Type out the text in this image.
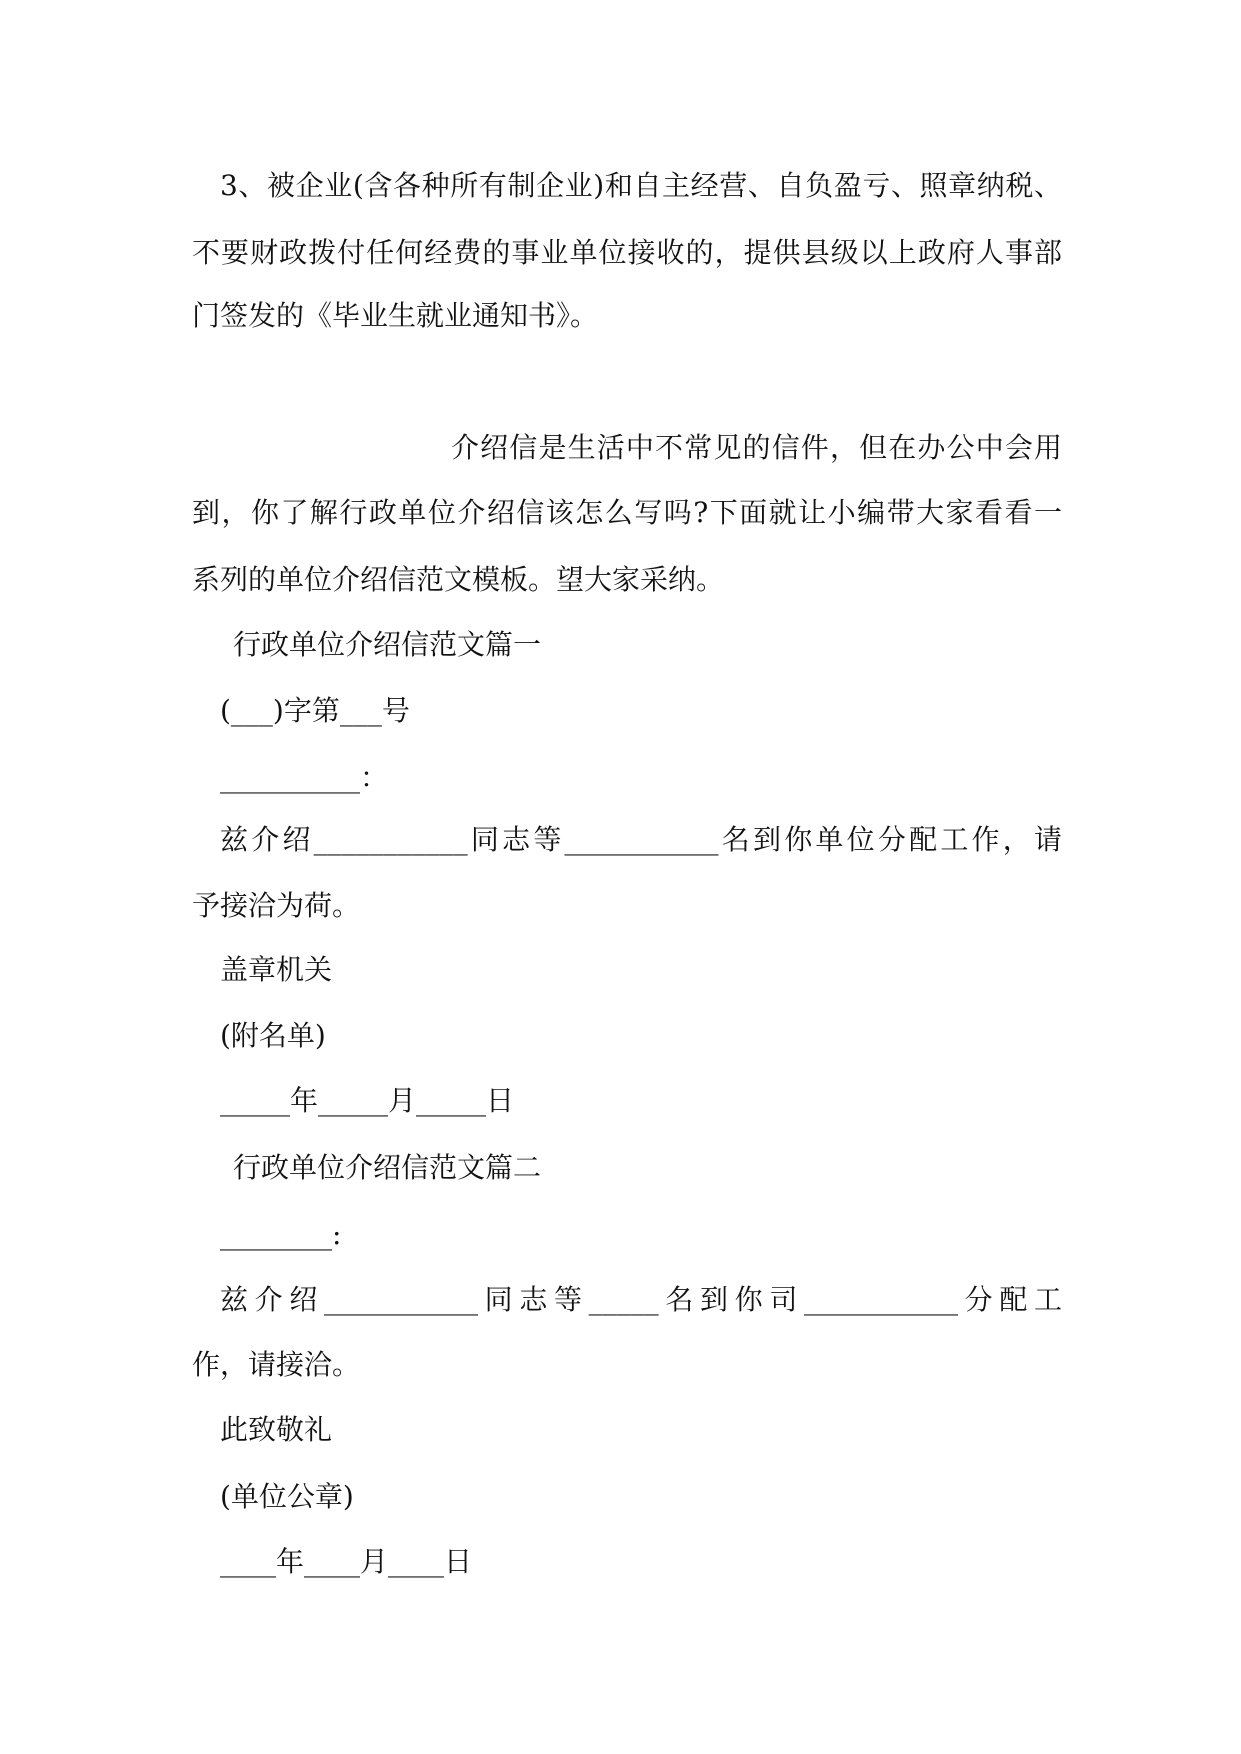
3、被企业(含各种所有制企业)和自主经营、自负盈亏、照章纳税、
不要财政拨付任何经费的事业单位接收的，提供县级以上政府人事部
门签发的《毕业生就业通知书》。
介绍信是生活中不常见的信件，但在办公中会用
到，你了解行政单位介绍信该怎么写吗?下面就让小编带大家看看一
系列的单位介绍信范文模板。望大家采纳。
行政单位介绍信范文篇一
(___)字第___号
__________：
兹介绍___________同志等___________名到你单位分配工作，请
予接洽为荷。
盖章机关
(附名单)
_____年_____月_____日
行政单位介绍信范文篇二
________:
兹介绍___________同志等_____名到你司___________分配工
作，请接洽。
此致敬礼
(单位公章)
____年____月____日
